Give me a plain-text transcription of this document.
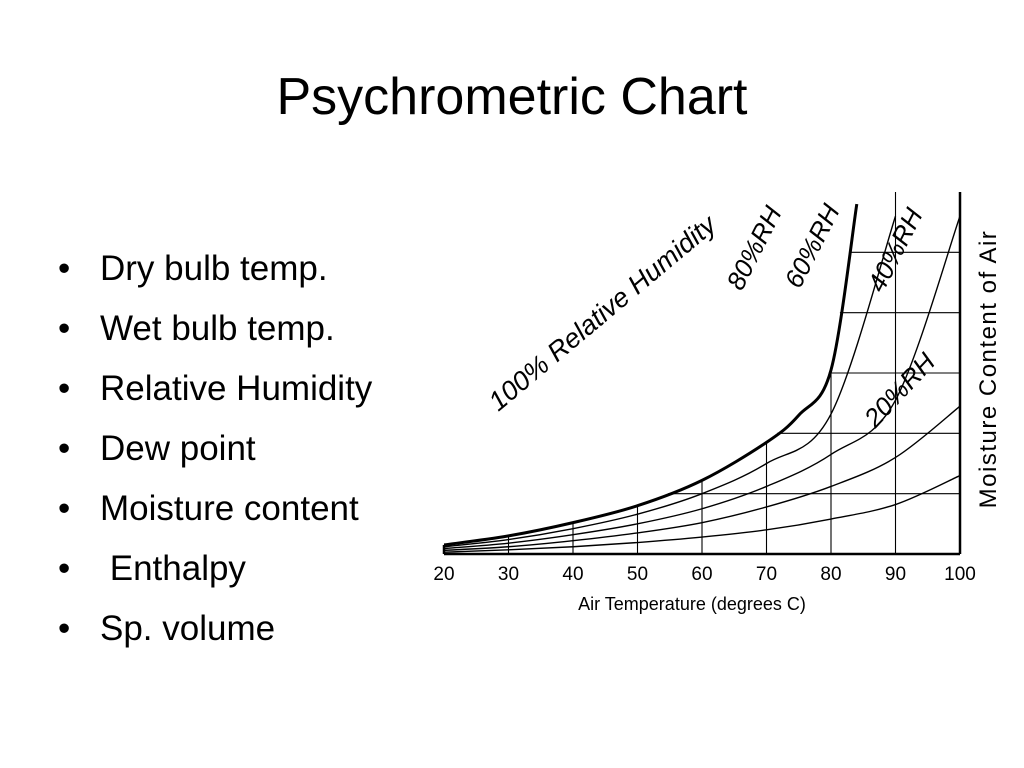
Psychrometric Chart
• Dry bulb temp.
• Wet bulb temp.
• Relative Humidity
• Dew point
• Moisture content
• Enthalpy
• Sp. volume
20 30 40 50 60 70 80 90 100
Air Temperature (degrees C)
Moisture Content of Air
100% Relative Humidity
80%RH
60%RH 40%RH
20%RH
